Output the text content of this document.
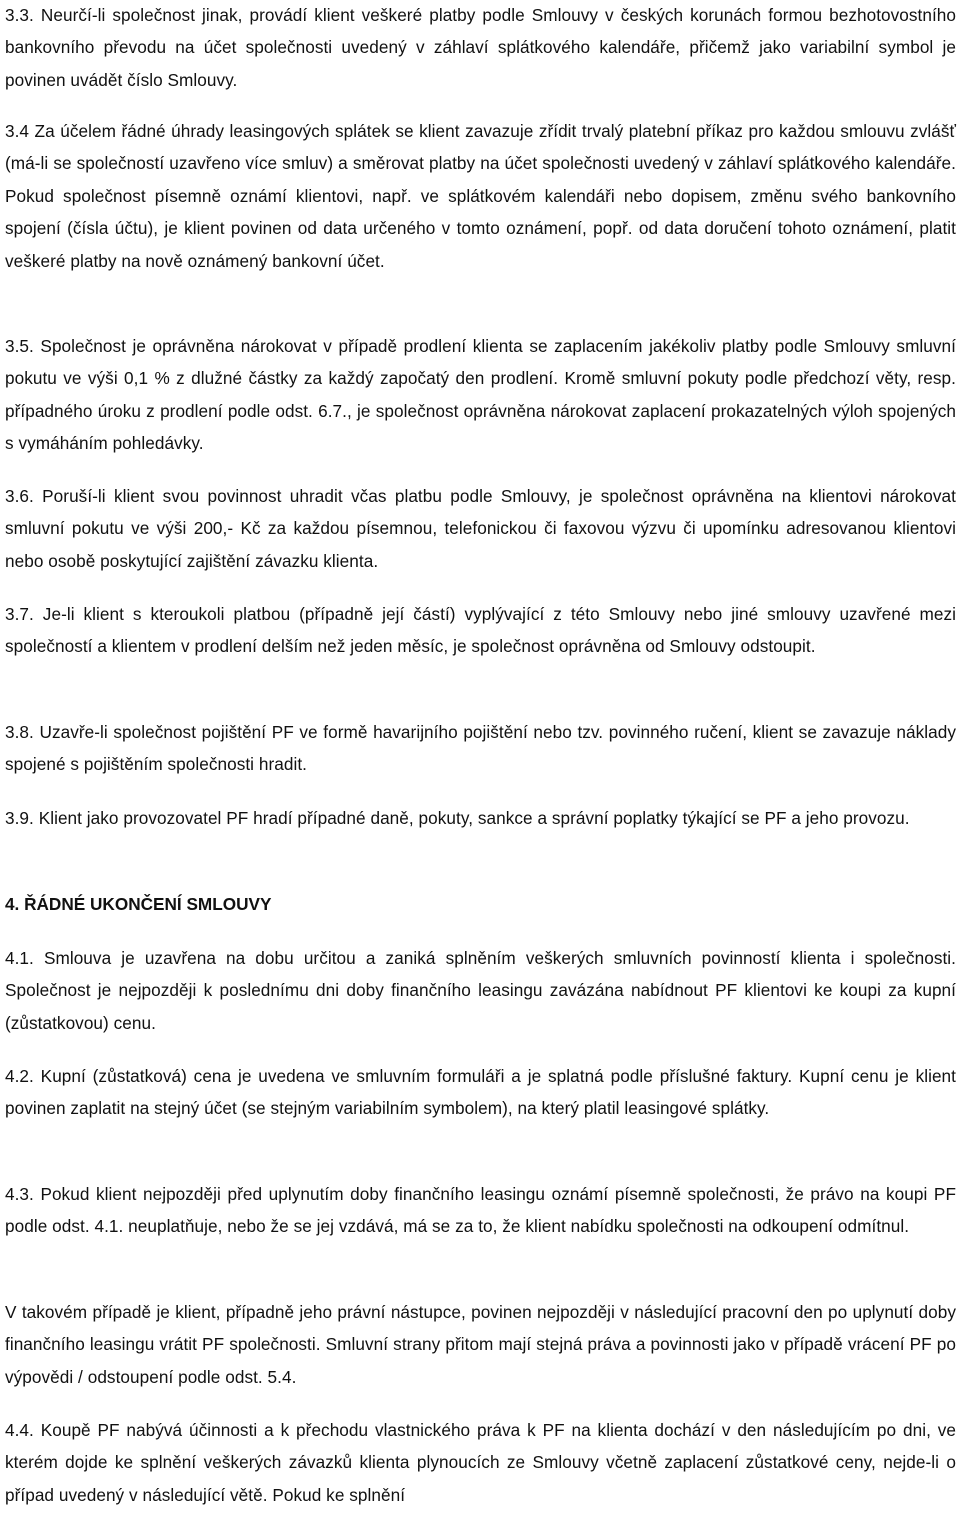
3.3. Neurčí-li společnost jinak, provádí klient veškeré platby podle Smlouvy v českých korunách formou bezhotovostního bankovního převodu na účet společnosti uvedený v záhlaví splátkového kalendáře, přičemž jako variabilní symbol je povinen uvádět číslo Smlouvy.

3.4 Za účelem řádné úhrady leasingových splátek se klient zavazuje zřídit trvalý platební příkaz pro každou smlouvu zvlášť (má-li se společností uzavřeno více smluv) a směrovat platby na účet společnosti uvedený v záhlaví splátkového kalendáře. Pokud společnost písemně oznámí klientovi, např. ve splátkovém kalendáři nebo dopisem, změnu svého bankovního spojení (čísla účtu), je klient povinen od data určeného v tomto oznámení, popř. od data doručení tohoto oznámení, platit veškeré platby na nově oznámený bankovní účet.

3.5. Společnost je oprávněna nárokovat v případě prodlení klienta se zaplacením jakékoliv platby podle Smlouvy smluvní pokutu ve výši 0,1 % z dlužné částky za každý započatý den prodlení. Kromě smluvní pokuty podle předchozí věty, resp. případného úroku z prodlení podle odst. 6.7., je společnost oprávněna nárokovat zaplacení prokazatelných výloh spojených s vymáháním pohledávky.

3.6. Poruší-li klient svou povinnost uhradit včas platbu podle Smlouvy, je společnost oprávněna na klientovi nárokovat smluvní pokutu ve výši 200,- Kč za každou písemnou, telefonickou či faxovou výzvu či upomínku adresovanou klientovi nebo osobě poskytující zajištění závazku klienta.

3.7. Je-li klient s kteroukoli platbou (případně její částí) vyplývající z této Smlouvy nebo jiné smlouvy uzavřené mezi společností a klientem v prodlení delším než jeden měsíc, je společnost oprávněna od Smlouvy odstoupit.

3.8. Uzavře-li společnost pojištění PF ve formě havarijního pojištění nebo tzv. povinného ručení, klient se zavazuje náklady spojené s pojištěním společnosti hradit.

3.9. Klient jako provozovatel PF hradí případné daně, pokuty, sankce a správní poplatky týkající se PF a jeho provozu.

4. ŘÁDNÉ UKONČENÍ SMLOUVY

4.1. Smlouva je uzavřena na dobu určitou a zaniká splněním veškerých smluvních povinností klienta i společnosti. Společnost je nejpozději k poslednímu dni doby finančního leasingu zavázána nabídnout PF klientovi ke koupi za kupní (zůstatkovou) cenu.

4.2. Kupní (zůstatková) cena je uvedena ve smluvním formuláři a je splatná podle příslušné faktury. Kupní cenu je klient povinen zaplatit na stejný účet (se stejným variabilním symbolem), na který platil leasingové splátky.

4.3. Pokud klient nejpozději před uplynutím doby finančního leasingu oznámí písemně společnosti, že právo na koupi PF podle odst. 4.1. neuplatňuje, nebo že se jej vzdává, má se za to, že klient nabídku společnosti na odkoupení odmítnul.

V takovém případě je klient, případně jeho právní nástupce, povinen nejpozději v následující pracovní den po uplynutí doby finančního leasingu vrátit PF společnosti. Smluvní strany přitom mají stejná práva a povinnosti jako v případě vrácení PF po výpovědi / odstoupení podle odst. 5.4.

4.4. Koupě PF nabývá účinnosti a k přechodu vlastnického práva k PF na klienta dochází v den následujícím po dni, ve kterém dojde ke splnění veškerých závazků klienta plynoucích ze Smlouvy včetně zaplacení zůstatkové ceny, nejde-li o případ uvedený v následující větě. Pokud ke splnění
